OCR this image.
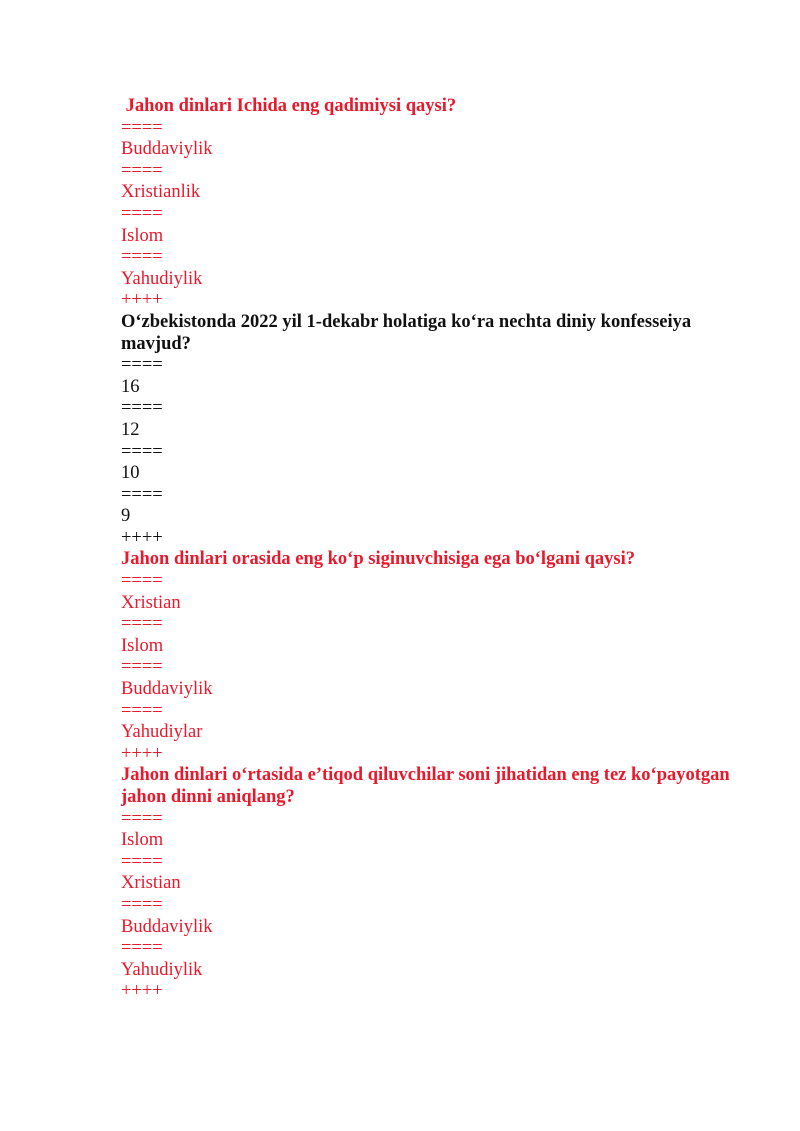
Jahon dinlari Ichida eng qadimiysi qaysi?
====
Buddaviylik
====
Xristianlik
====
Islom
====
Yahudiylik
++++
O‘zbekistonda 2022 yil 1-dekabr holatiga ko‘ra nechta diniy konfesseiya mavjud?
====
16
====
12
====
10
====
9
++++
Jahon dinlari orasida eng ko‘p siginuvchisiga ega bo‘lgani qaysi?
====
Xristian
====
Islom
====
Buddaviylik
====
Yahudiylar
++++
Jahon dinlari o‘rtasida e’tiqod qiluvchilar soni jihatidan eng tez ko‘payotgan jahon dinni aniqlang?
====
Islom
====
Xristian
====
Buddaviylik
====
Yahudiylik
++++
